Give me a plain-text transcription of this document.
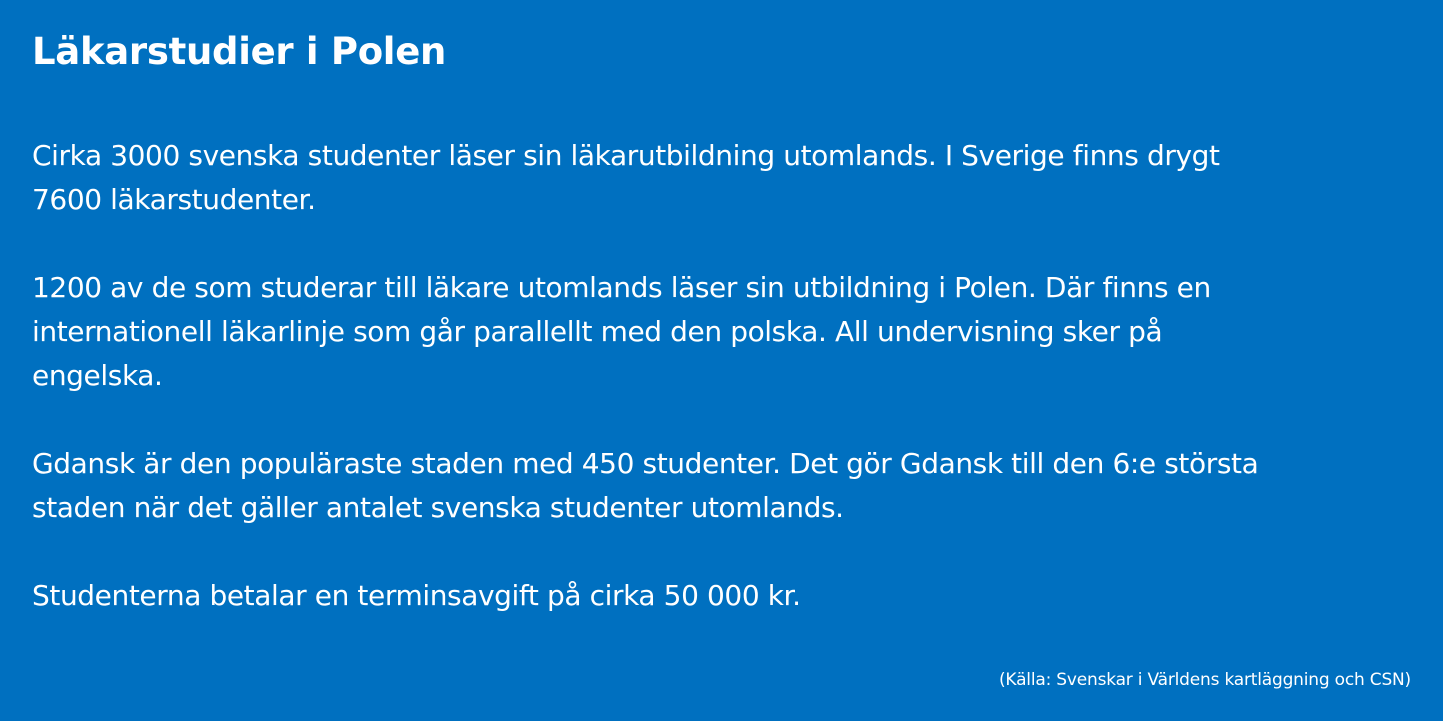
Läkarstudier i Polen

Cirka 3000 svenska studenter läser sin läkarutbildning utomlands. I Sverige finns drygt
7600 läkarstudenter.

1200 av de som studerar till läkare utomlands läser sin utbildning i Polen. Där finns en
internationell läkarlinje som går parallellt med den polska. All undervisning sker på
engelska.

Gdansk är den populäraste staden med 450 studenter. Det gör Gdansk till den 6:e största
staden när det gäller antalet svenska studenter utomlands.

Studenterna betalar en terminsavgift på cirka 50 000 kr.

(Källa: Svenskar i Världens kartläggning och CSN)
